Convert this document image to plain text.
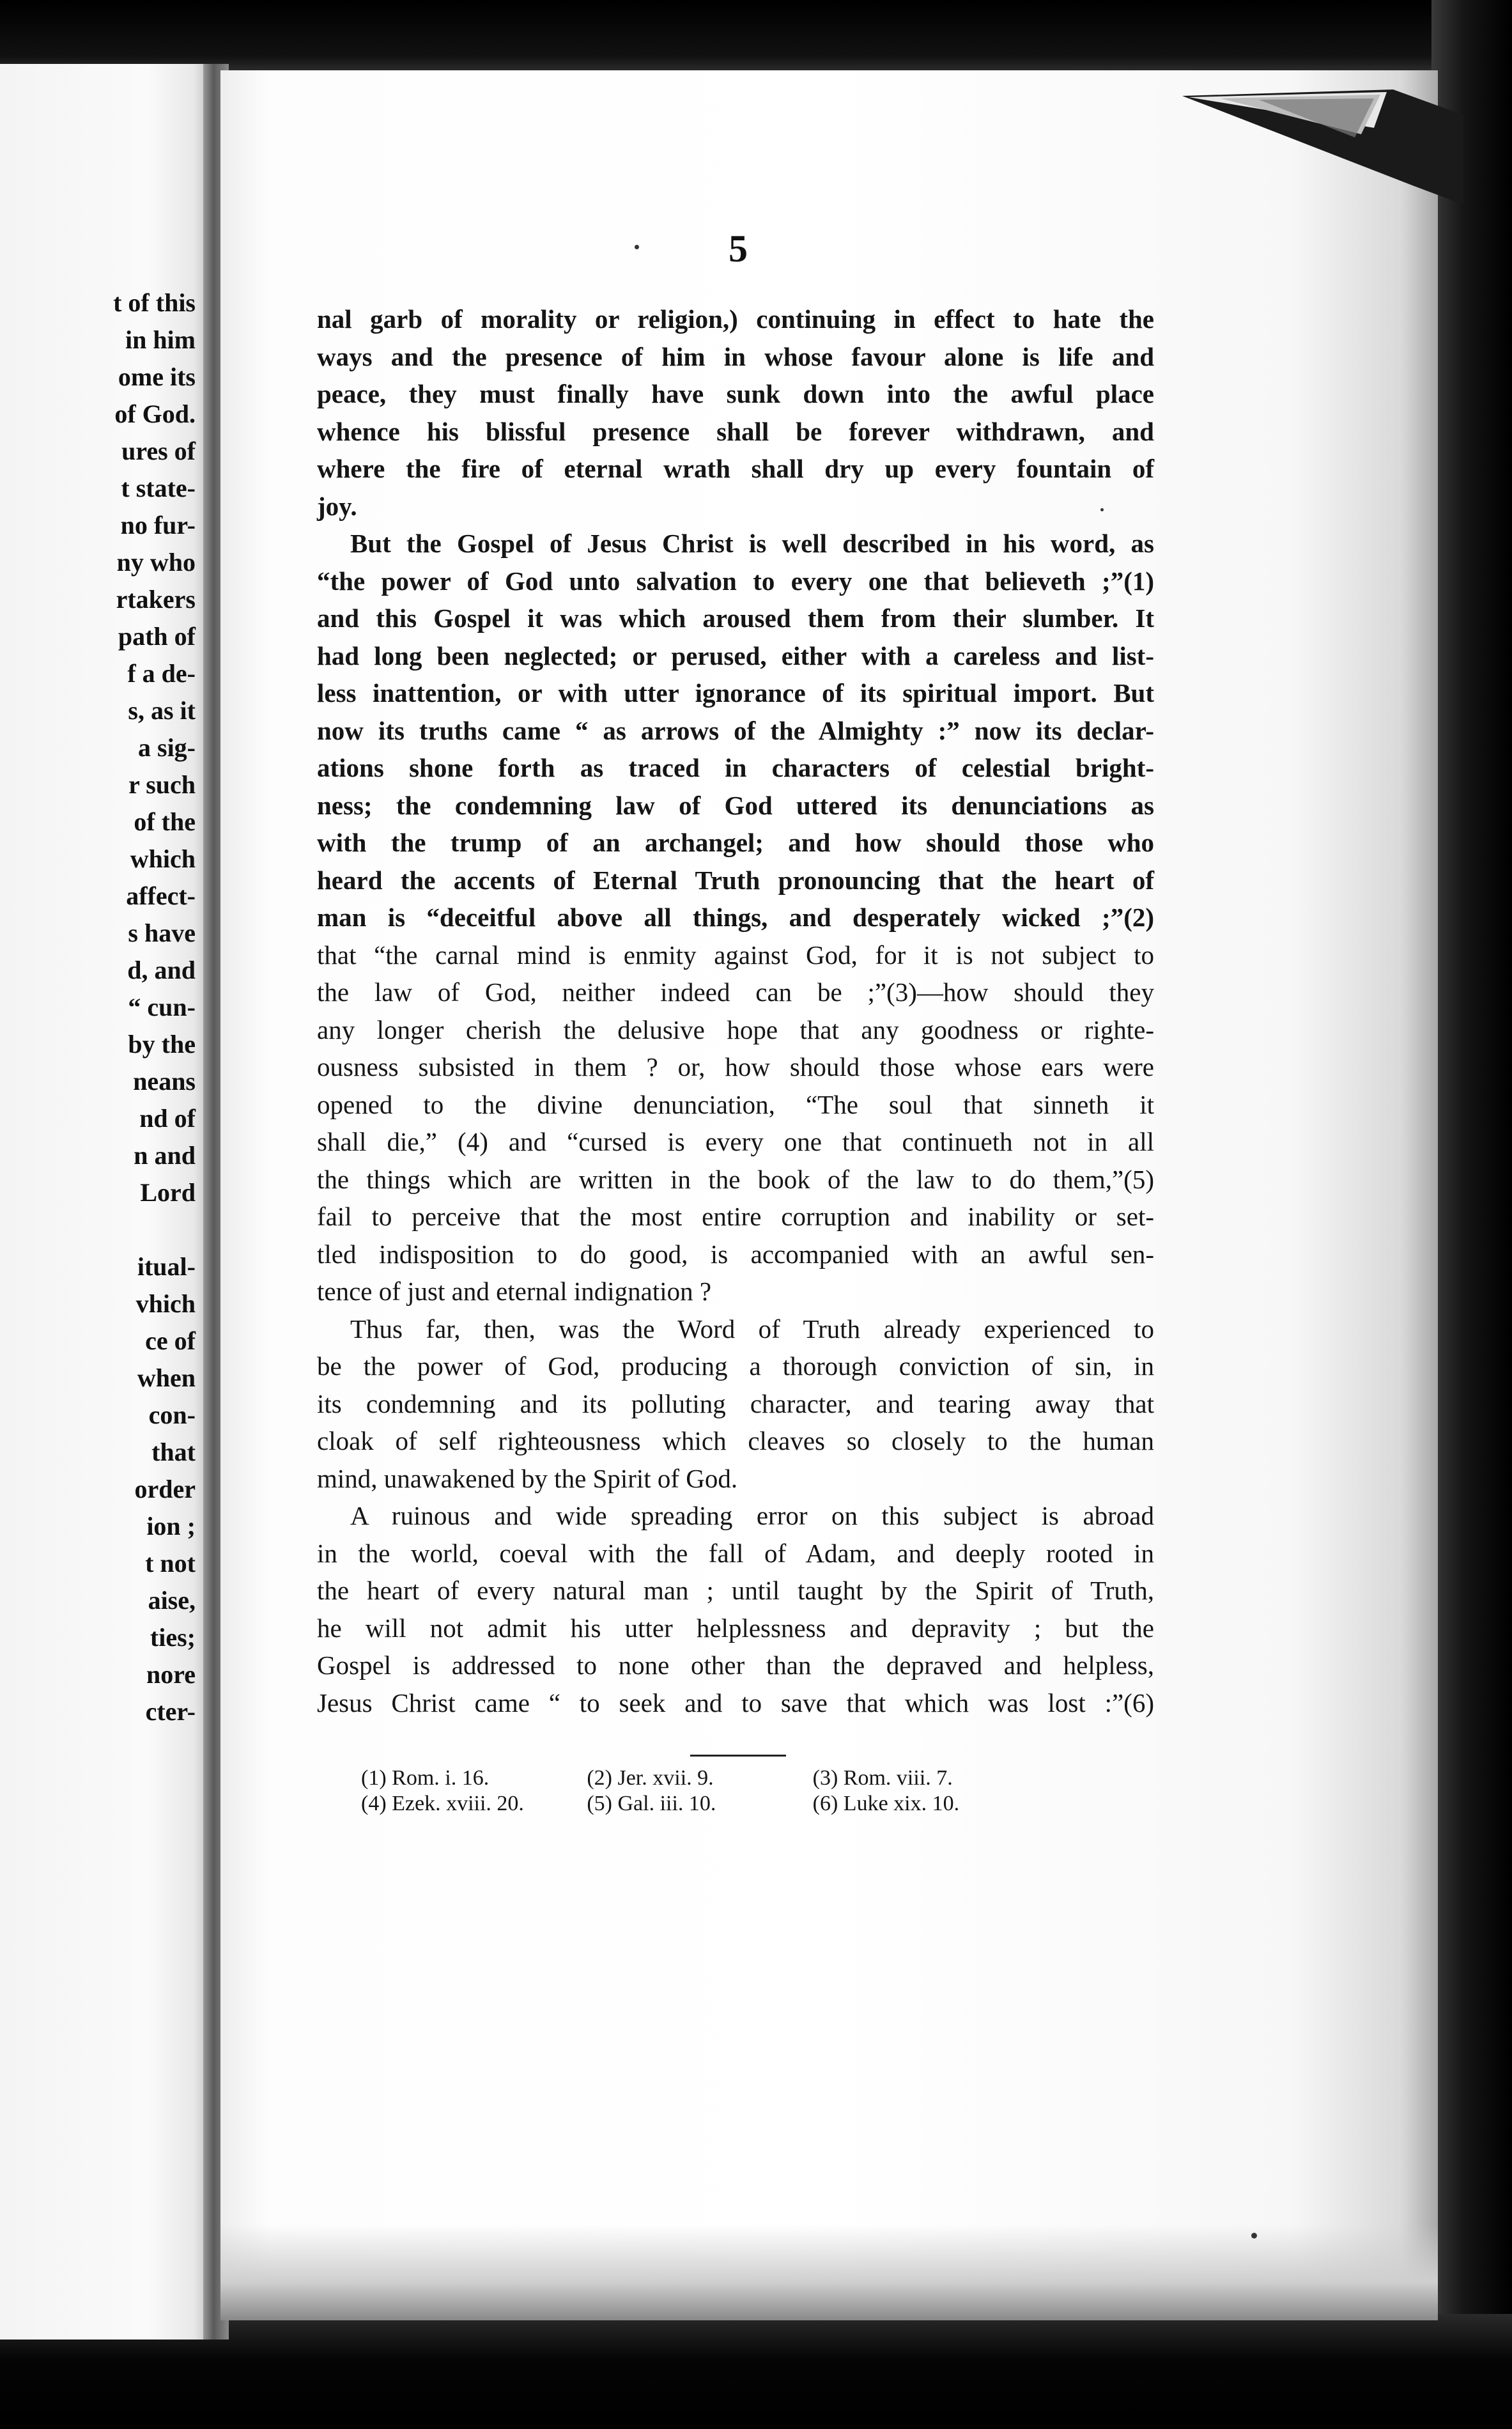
t of this
in him
ome its
of God.
ures of
t state-
no fur-
ny who
rtakers
path of
f a de-
s, as it
a sig-
r such
of the
which
affect-
s have
d, and
“ cun-
by the
neans
nd of
n and
Lord
itual-
vhich
ce of
when
con-
that
order
ion ;
t not
aise,
ties;
nore
cter-
5
nal garb of morality or religion,) continuing in effect to hate the
ways and the presence of him in whose favour alone is life and
peace, they must finally have sunk down into the awful place
whence his blissful presence shall be forever withdrawn, and
where the fire of eternal wrath shall dry up every fountain of
joy.
But the Gospel of Jesus Christ is well described in his word, as
“the power of God unto salvation to every one that believeth ;”(1)
and this Gospel it was which aroused them from their slumber. It
had long been neglected; or perused, either with a careless and list-
less inattention, or with utter ignorance of its spiritual import. But
now its truths came “ as arrows of the Almighty :” now its declar-
ations shone forth as traced in characters of celestial bright-
ness; the condemning law of God uttered its denunciations as
with the trump of an archangel; and how should those who
heard the accents of Eternal Truth pronouncing that the heart of
man is “deceitful above all things, and desperately wicked ;”(2)
that “the carnal mind is enmity against God, for it is not subject to
the law of God, neither indeed can be ;”(3)—how should they
any longer cherish the delusive hope that any goodness or righte-
ousness subsisted in them ? or, how should those whose ears were
opened to the divine denunciation, “The soul that sinneth it
shall die,” (4) and “cursed is every one that continueth not in all
the things which are written in the book of the law to do them,”(5)
fail to perceive that the most entire corruption and inability or set-
tled indisposition to do good, is accompanied with an awful sen-
tence of just and eternal indignation ?
Thus far, then, was the Word of Truth already experienced to
be the power of God, producing a thorough conviction of sin, in
its condemning and its polluting character, and tearing away that
cloak of self righteousness which cleaves so closely to the human
mind, unawakened by the Spirit of God.
A ruinous and wide spreading error on this subject is abroad
in the world, coeval with the fall of Adam, and deeply rooted in
the heart of every natural man ; until taught by the Spirit of Truth,
he will not admit his utter helplessness and depravity ; but the
Gospel is addressed to none other than the depraved and helpless,
Jesus Christ came “ to seek and to save that which was lost :”(6)
(1) Rom. i. 16.	(2) Jer. xvii. 9.	(3) Rom. viii. 7.
(4) Ezek. xviii. 20.	(5) Gal. iii. 10.	(6) Luke xix. 10.
